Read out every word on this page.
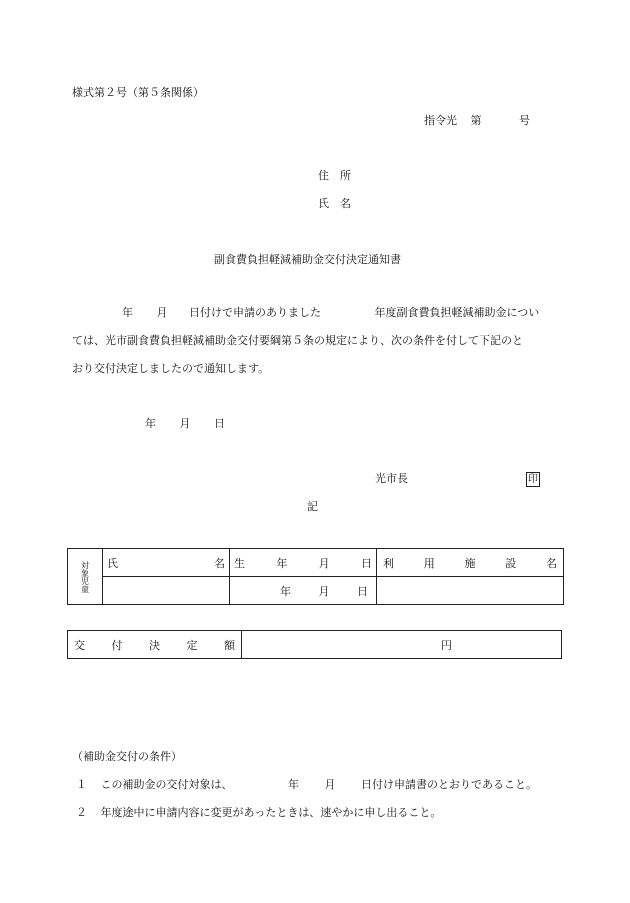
様式第２号（第５条関係）
指令光 第	号
住　所
氏　名
副食費負担軽減補助金交付決定通知書
年 月 日付けで申請のありました	年度副食費負担軽減補助金につい
ては、光市副食費負担軽減補助金交付要綱第５条の規定により、次の条件を付して下記のと
おり交付決定しましたので通知します。
年 月 日
光市長	印
記
対象児童	氏 名	生 年 月 日	利 用 施 設 名

		年 月 日	

交 付 決 定 額	円
（補助金交付の条件）
１ この補助金の交付対象は、	年 月 日付け申請書のとおりであること。
２ 年度途中に申請内容に変更があったときは、速やかに申し出ること。
